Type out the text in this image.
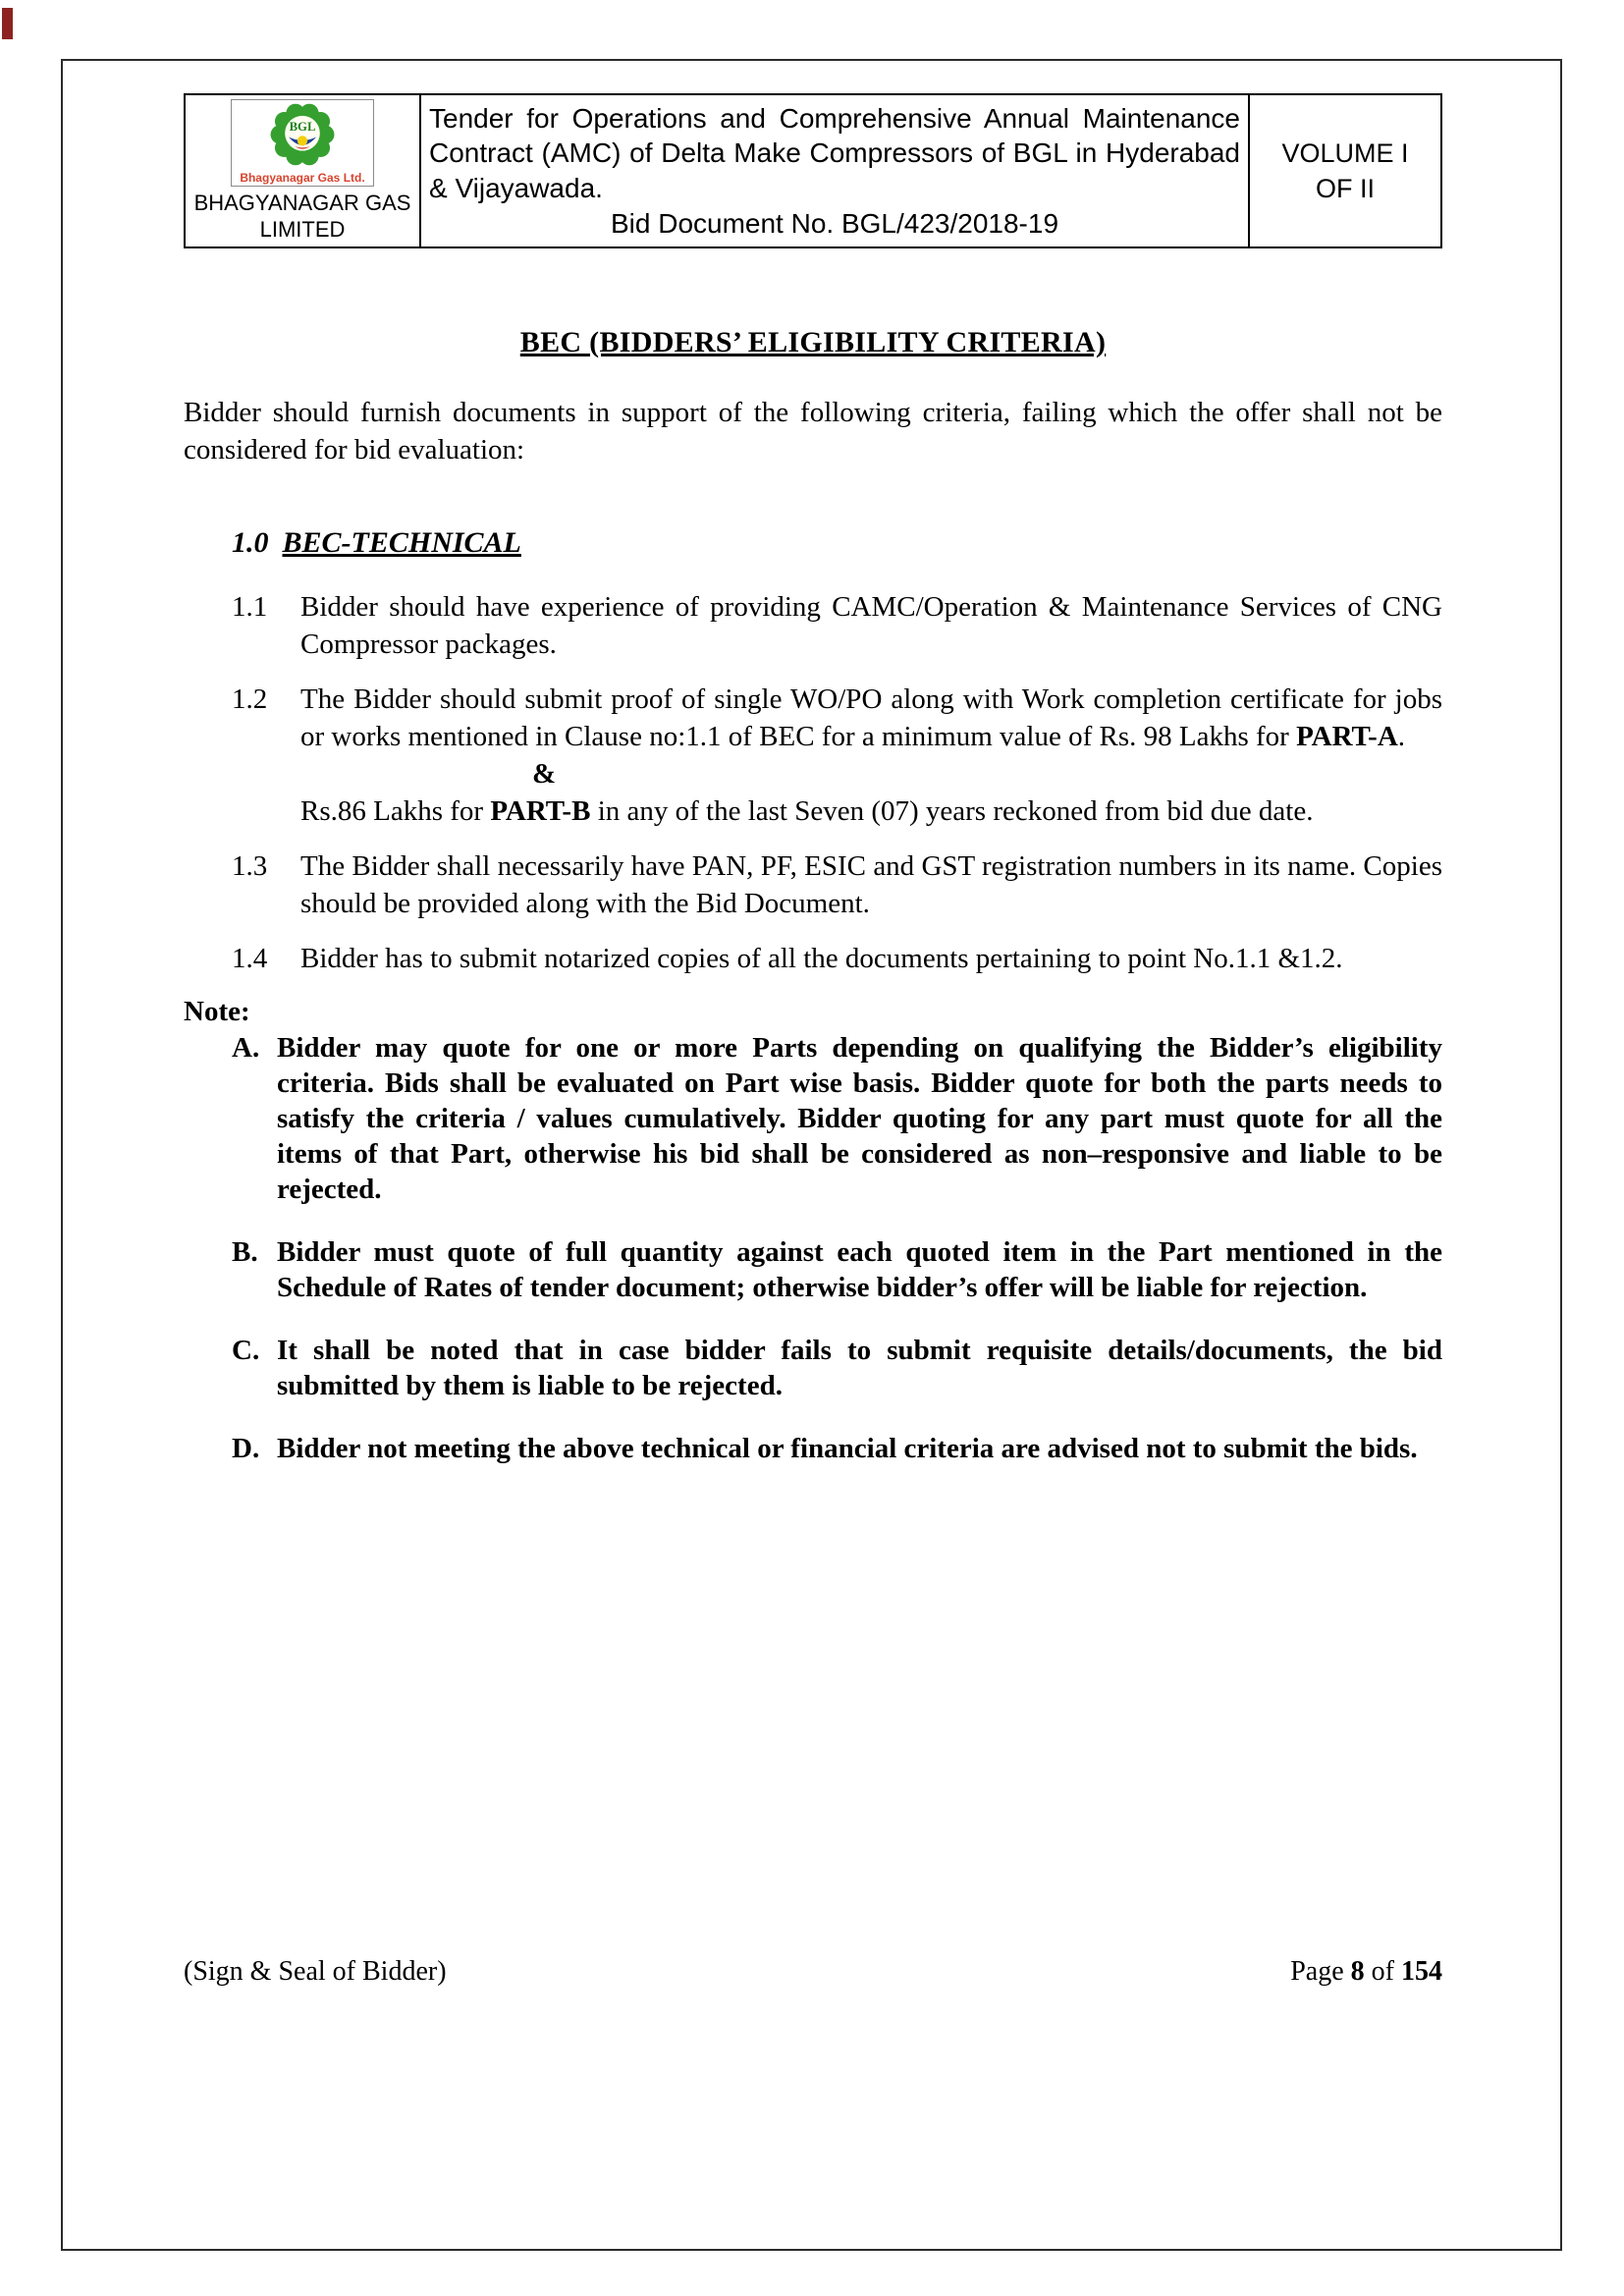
BGL
Bhagyanagar Gas Ltd.
BHAGYANAGAR GAS
LIMITED

Tender for Operations and Comprehensive Annual Maintenance Contract (AMC) of Delta Make Compressors of BGL in Hyderabad & Vijayawada.
Bid Document No. BGL/423/2018-19

VOLUME I
OF II
BEC (BIDDERS’ ELIGIBILITY CRITERIA)

Bidder should furnish documents in support of the following criteria, failing which the offer shall not be considered for bid evaluation:

1.0 BEC-TECHNICAL
1.1	Bidder should have experience of providing CAMC/Operation & Maintenance Services of CNG Compressor packages.
1.2	The Bidder should submit proof of single WO/PO along with Work completion certificate for jobs or works mentioned in Clause no:1.1 of BEC for a minimum value of Rs. 98 Lakhs for PART-A.
&
Rs.86 Lakhs for PART-B in any of the last Seven (07) years reckoned from bid due date.
1.3	The Bidder shall necessarily have PAN, PF, ESIC and GST registration numbers in its name. Copies should be provided along with the Bid Document.
1.4	Bidder has to submit notarized copies of all the documents pertaining to point No.1.1 &1.2.
Note:
A. Bidder may quote for one or more Parts depending on qualifying the Bidder’s eligibility criteria. Bids shall be evaluated on Part wise basis. Bidder quote for both the parts needs to satisfy the criteria / values cumulatively. Bidder quoting for any part must quote for all the items of that Part, otherwise his bid shall be considered as non–responsive and liable to be rejected.
B. Bidder must quote of full quantity against each quoted item in the Part mentioned in the Schedule of Rates of tender document; otherwise bidder’s offer will be liable for rejection.
C. It shall be noted that in case bidder fails to submit requisite details/documents, the bid submitted by them is liable to be rejected.
D. Bidder not meeting the above technical or financial criteria are advised not to submit the bids.
(Sign & Seal of Bidder)	Page 8 of 154
